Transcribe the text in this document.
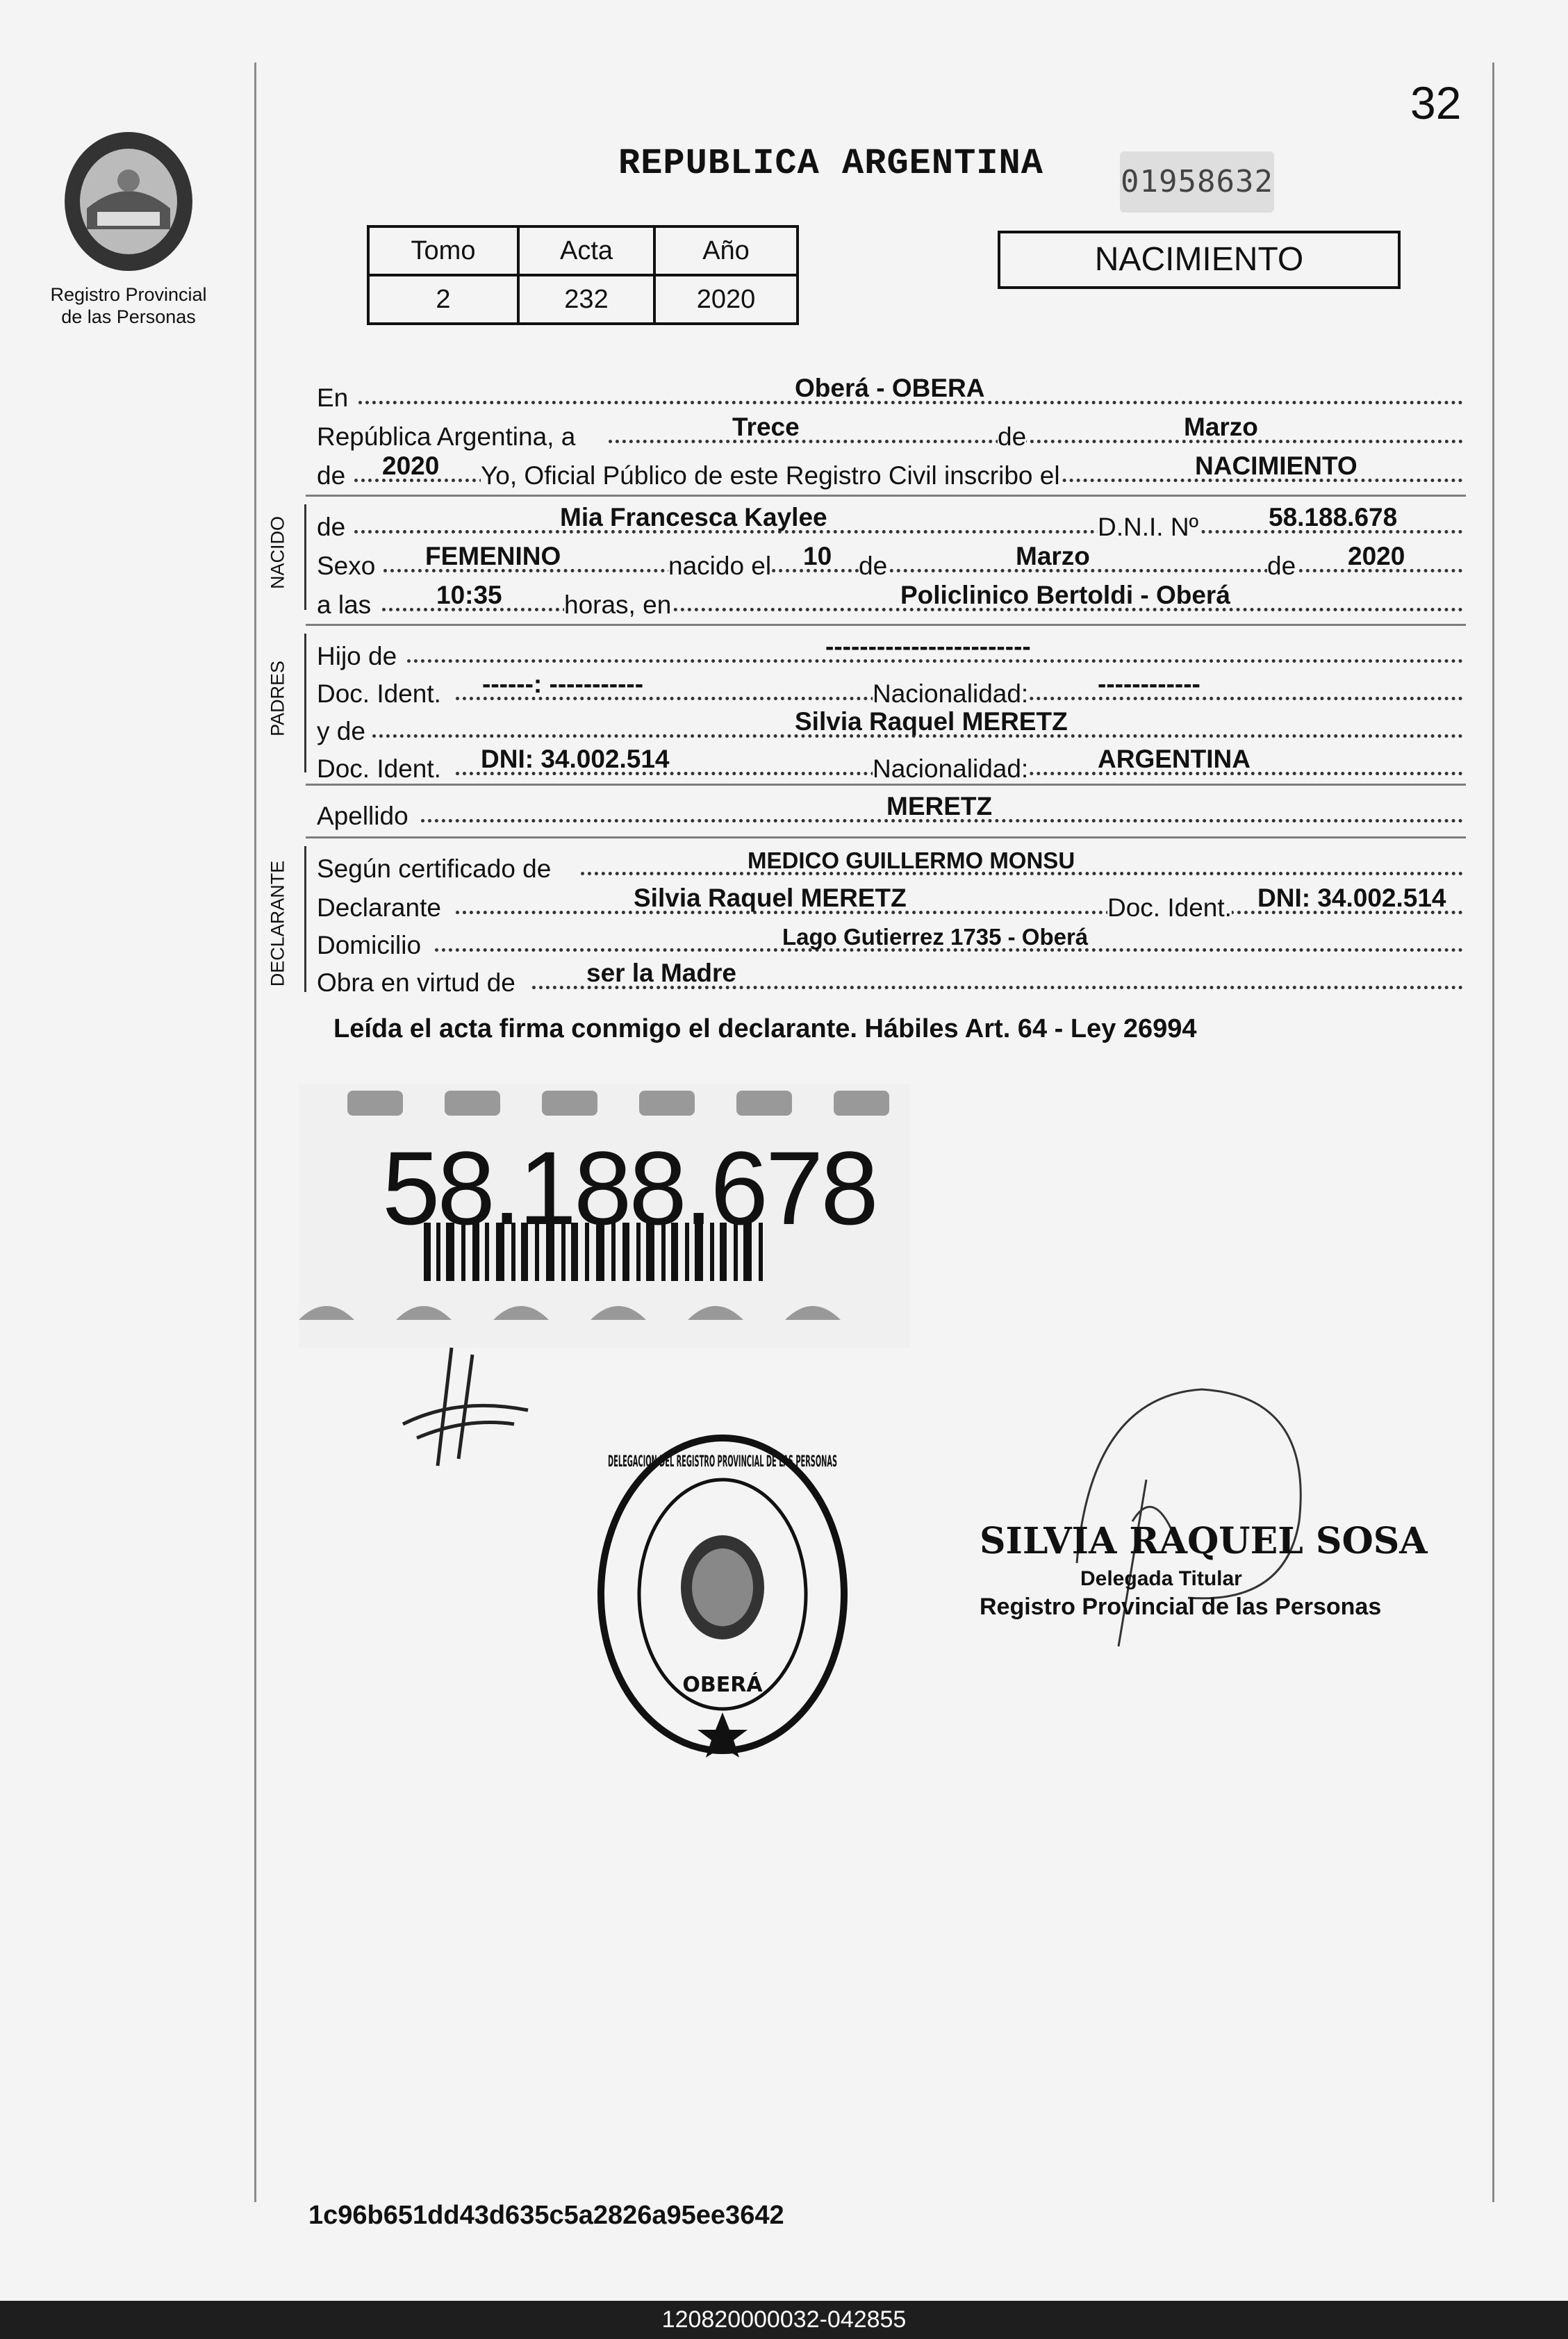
32
Registro Provincial
de las Personas
REPUBLICA ARGENTINA	01958632
Tomo	Acta	Año
2	232	2020
NACIMIENTO
En	Oberá - OBERA
República Argentina, a	Trece	de	Marzo
de 2020 Yo, Oficial Público de este Registro Civil inscribo el	NACIMIENTO
NACIDO de	Mia Francesca Kaylee	D.N.I. Nº	58.188.678
Sexo FEMENINO	nacido el 10 de	Marzo	de 2020
a las	10:35 horas, en	Policlinico Bertoldi - Oberá
PADRES
Hijo de	------------------------
Doc. Ident. ------: -----------	Nacionalidad:	------------
y de	Silvia Raquel MERETZ
Doc. Ident. DNI: 34.002.514	Nacionalidad:	ARGENTINA
Apellido	MERETZ
DECLARANTE Según certificado de	MEDICO GUILLERMO MONSU
Declarante	Silvia Raquel MERETZ	Doc. Ident. DNI: 34.002.514
Domicilio	Lago Gutierrez 1735 - Oberá
Obra en virtud de	ser la Madre
Leída el acta firma conmigo el declarante. Hábiles Art. 64 - Ley 26994
58.188.678
OBERÁ
DELEGACION DEL REGISTRO PROVINCIAL DE LAS PERSONAS
SILVIA RAQUEL SOSA
Delegada Titular
Registro Provincial de las Personas
1c96b651dd43d635c5a2826a95ee3642
120820000032-042855
